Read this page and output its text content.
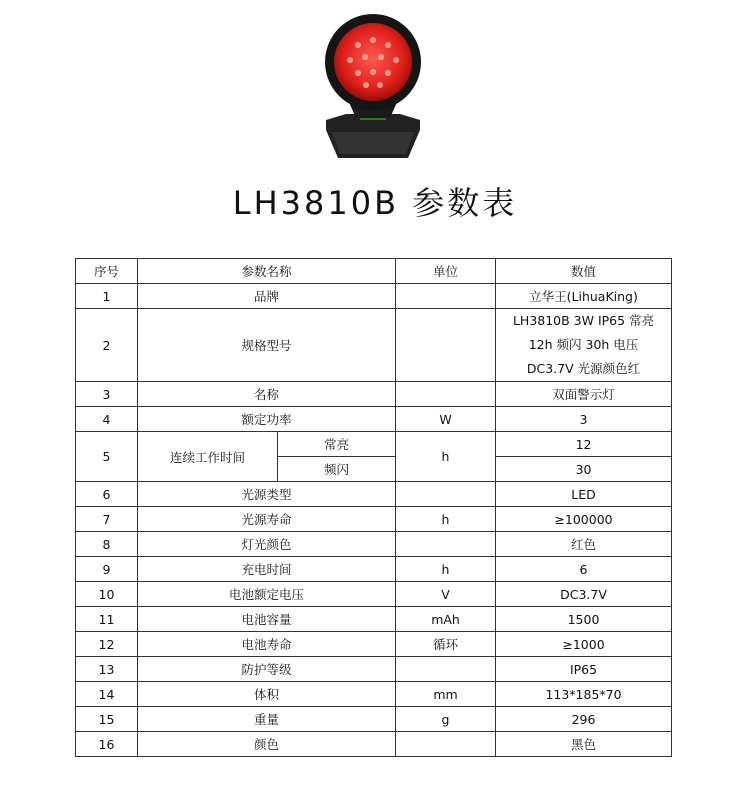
LH3810B 参数表
序号	参数名称		单位	数值
1	品牌			立华王(LihuaKing)
2	规格型号			LH3810B 3W IP65 常亮
12h 频闪 30h 电压
DC3.7V 光源颜色红

3	名称			双面警示灯
4	额定功率		W	3
5	连续工作时间	常亮	h	12
		频闪		30
6	光源类型			LED
7	光源寿命		h	≥100000
8	灯光颜色			红色
9	充电时间		h	6
10	电池额定电压		V	DC3.7V
11	电池容量		mAh	1500
12	电池寿命		循环	≥1000
13	防护等级			IP65
14	体积		mm	113*185*70
15	重量		g	296
16	颜色			黑色
